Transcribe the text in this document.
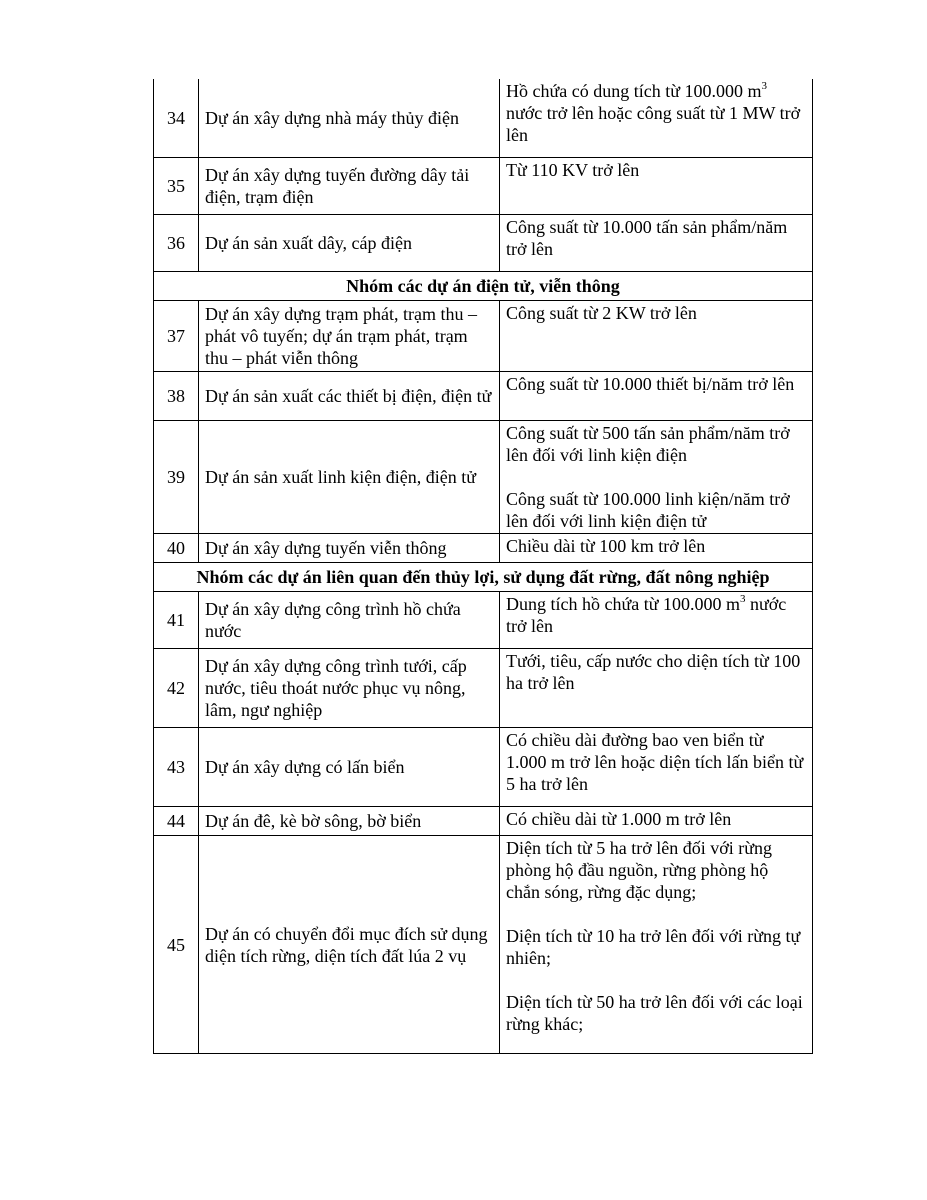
34	Dự án xây dựng nhà máy thủy điện	Hồ chứa có dung tích từ 100.000 $m^3$ nước trở lên hoặc công suất từ 1 MW trở lên

35	Dự án xây dựng tuyến đường dây tải điện, trạm điện	Từ 110 KV trở lên

36	Dự án sản xuất dây, cáp điện	Công suất từ 10.000 tấn sản phẩm/năm trở lên

Nhóm các dự án điện tử, viễn thông		
37	Dự án xây dựng trạm phát, trạm thu – phát vô tuyến; dự án trạm phát, trạm thu – phát viễn thông	Công suất từ 2 KW trở lên

38	Dự án sản xuất các thiết bị điện, điện tử	Công suất từ 10.000 thiết bị/năm trở lên

39	Dự án sản xuất linh kiện điện, điện tử	Công suất từ 500 tấn sản phẩm/năm trở lên đối với linh kiện điện
Công suất từ 100.000 linh kiện/năm trở lên đối với linh kiện điện tử

40	Dự án xây dựng tuyến viễn thông	Chiều dài từ 100 km trở lên

Nhóm các dự án liên quan đến thủy lợi, sử dụng đất rừng, đất nông nghiệp		
41	Dự án xây dựng công trình hồ chứa nước	Dung tích hồ chứa từ 100.000 $m^3$ nước trở lên

42	Dự án xây dựng công trình tưới, cấp nước, tiêu thoát nước phục vụ nông, lâm, ngư nghiệp	Tưới, tiêu, cấp nước cho diện tích từ 100 ha trở lên

43	Dự án xây dựng có lấn biển	Có chiều dài đường bao ven biển từ 1.000 m trở lên hoặc diện tích lấn biển từ 5 ha trở lên

44	Dự án đê, kè bờ sông, bờ biển	Có chiều dài từ 1.000 m trở lên

45	Dự án có chuyển đổi mục đích sử dụng diện tích rừng, diện tích đất lúa 2 vụ	Diện tích từ 5 ha trở lên đối với rừng phòng hộ đầu nguồn, rừng phòng hộ chắn sóng, rừng đặc dụng;
Diện tích từ 10 ha trở lên đối với rừng tự nhiên;
Diện tích từ 50 ha trở lên đối với các loại rừng khác;
